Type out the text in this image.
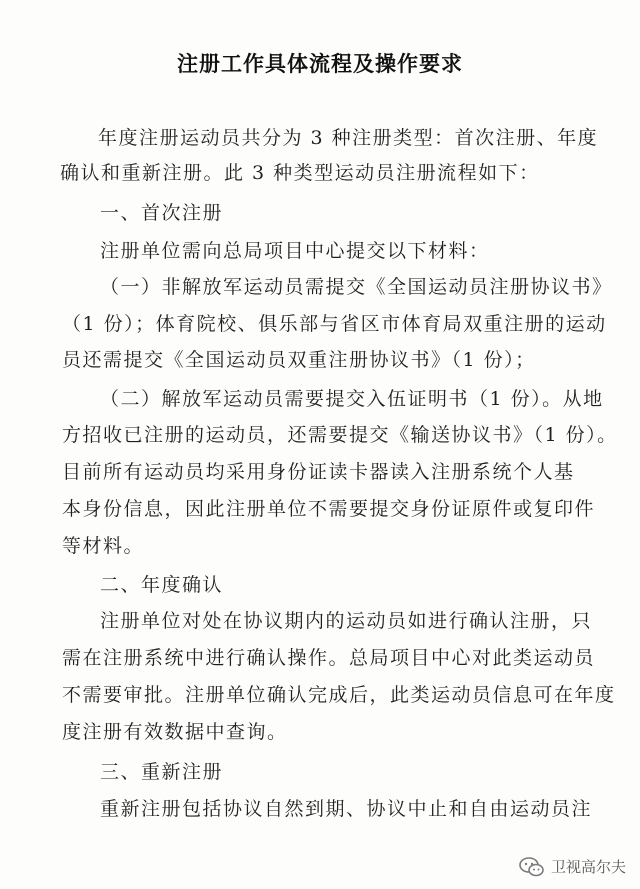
注册工作具体流程及操作要求
年度注册运动员共分为 3 种注册类型：首次注册、年度
确认和重新注册。此 3 种类型运动员注册流程如下：
一、首次注册
注册单位需向总局项目中心提交以下材料：
（一）非解放军运动员需提交《全国运动员注册协议书》
（1 份）；体育院校、俱乐部与省区市体育局双重注册的运动
员还需提交《全国运动员双重注册协议书》（1 份）；
（二）解放军运动员需要提交入伍证明书（1 份）。从地
方招收已注册的运动员，还需要提交《输送协议书》（1 份）。
目前所有运动员均采用身份证读卡器读入注册系统个人基
本身份信息，因此注册单位不需要提交身份证原件或复印件
等材料。
二、年度确认
注册单位对处在协议期内的运动员如进行确认注册，只
需在注册系统中进行确认操作。总局项目中心对此类运动员
不需要审批。注册单位确认完成后，此类运动员信息可在年度
度注册有效数据中查询。
三、重新注册
重新注册包括协议自然到期、协议中止和自由运动员注
卫视高尔夫
